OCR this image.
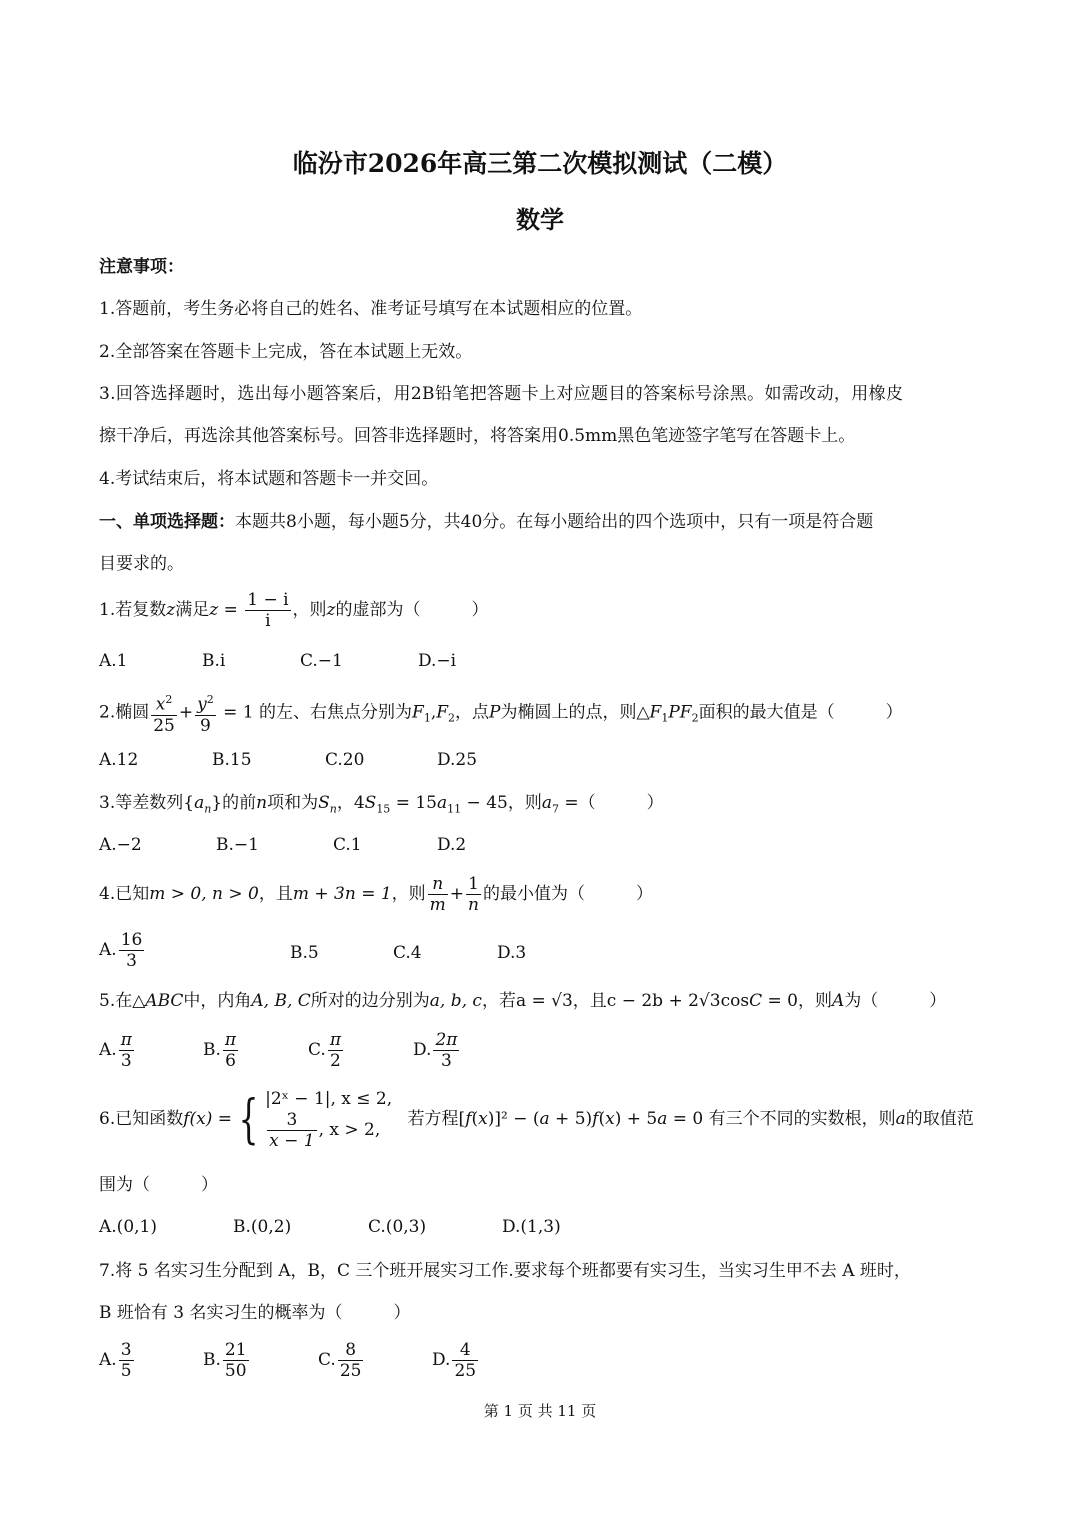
临汾市2026年高三第二次模拟测试（二模）
数学
注意事项：
1.答题前，考生务必将自己的姓名、准考证号填写在本试题相应的位置。
2.全部答案在答题卡上完成，答在本试题上无效。
3.回答选择题时，选出每小题答案后，用2B铅笔把答题卡上对应题目的答案标号涂黑。如需改动，用橡皮
擦干净后，再选涂其他答案标号。回答非选择题时，将答案用0.5mm黑色笔迹签字笔写在答题卡上。
4.考试结束后，将本试题和答题卡一并交回。
一、单项选择题：本题共8小题，每小题5分，共40分。在每小题给出的四个选项中，只有一项是符合题
目要求的。
1.若复数z满足$z = \frac{1 - i}{i}$ ，则z的虚部为（　　　）
A.1	B.i	C.−1	D.−i
2.椭圆 $\frac{x^2}{25} + \frac{y^2}{9} = 1$ 的左、右焦点分别为$F_1,F_2$，点P为椭圆上的点，则$\triangle F_1PF_2$面积的最大值是（　　　）
A.12	B.15	C.20	D.25
3.等差数列$\{a_n\}$的前n项和为$S_n$，$4S_{15} = 15a_{11} - 45$，则$a_7$ =（　　　）
A.−2	B.−1	C.1	D.2
4.已知m > 0, n > 0，且m + 3n = 1，则 $\frac{n}{m} + \frac{1}{n}$ 的最小值为（　　　）
A. $\frac{16}{3}$	B.5	C.4	D.3
5.在△ABC中，内角A, B, C所对的边分别为a, b, c，若a = √3，且c − 2b + 2√3cosC = 0，则A为（　　　）
A. $\frac{\pi}{3}$	B. $\frac{\pi}{6}$	C. $\frac{\pi}{2}$	D. $\frac{2\pi}{3}$
6.已知函数f(x) = { |2ˣ − 1|, x ≤ 2,
$\frac{3}{x - 1}$ , x > 2,
若方程[f(x)]² − (a + 5)f(x) + 5a = 0 有三个不同的实数根，则a的取值范
围为（　　　）
A.(0,1)	B.(0,2)	C.(0,3)	D.(1,3)
7.将 5 名实习生分配到 A，B，C 三个班开展实习工作.要求每个班都要有实习生，当实习生甲不去 A 班时，
B 班恰有 3 名实习生的概率为（　　　）
A. $\frac{3}{5}$	B. $\frac{21}{50}$	C. $\frac{8}{25}$	D. $\frac{4}{25}$
第 1 页 共 11 页
